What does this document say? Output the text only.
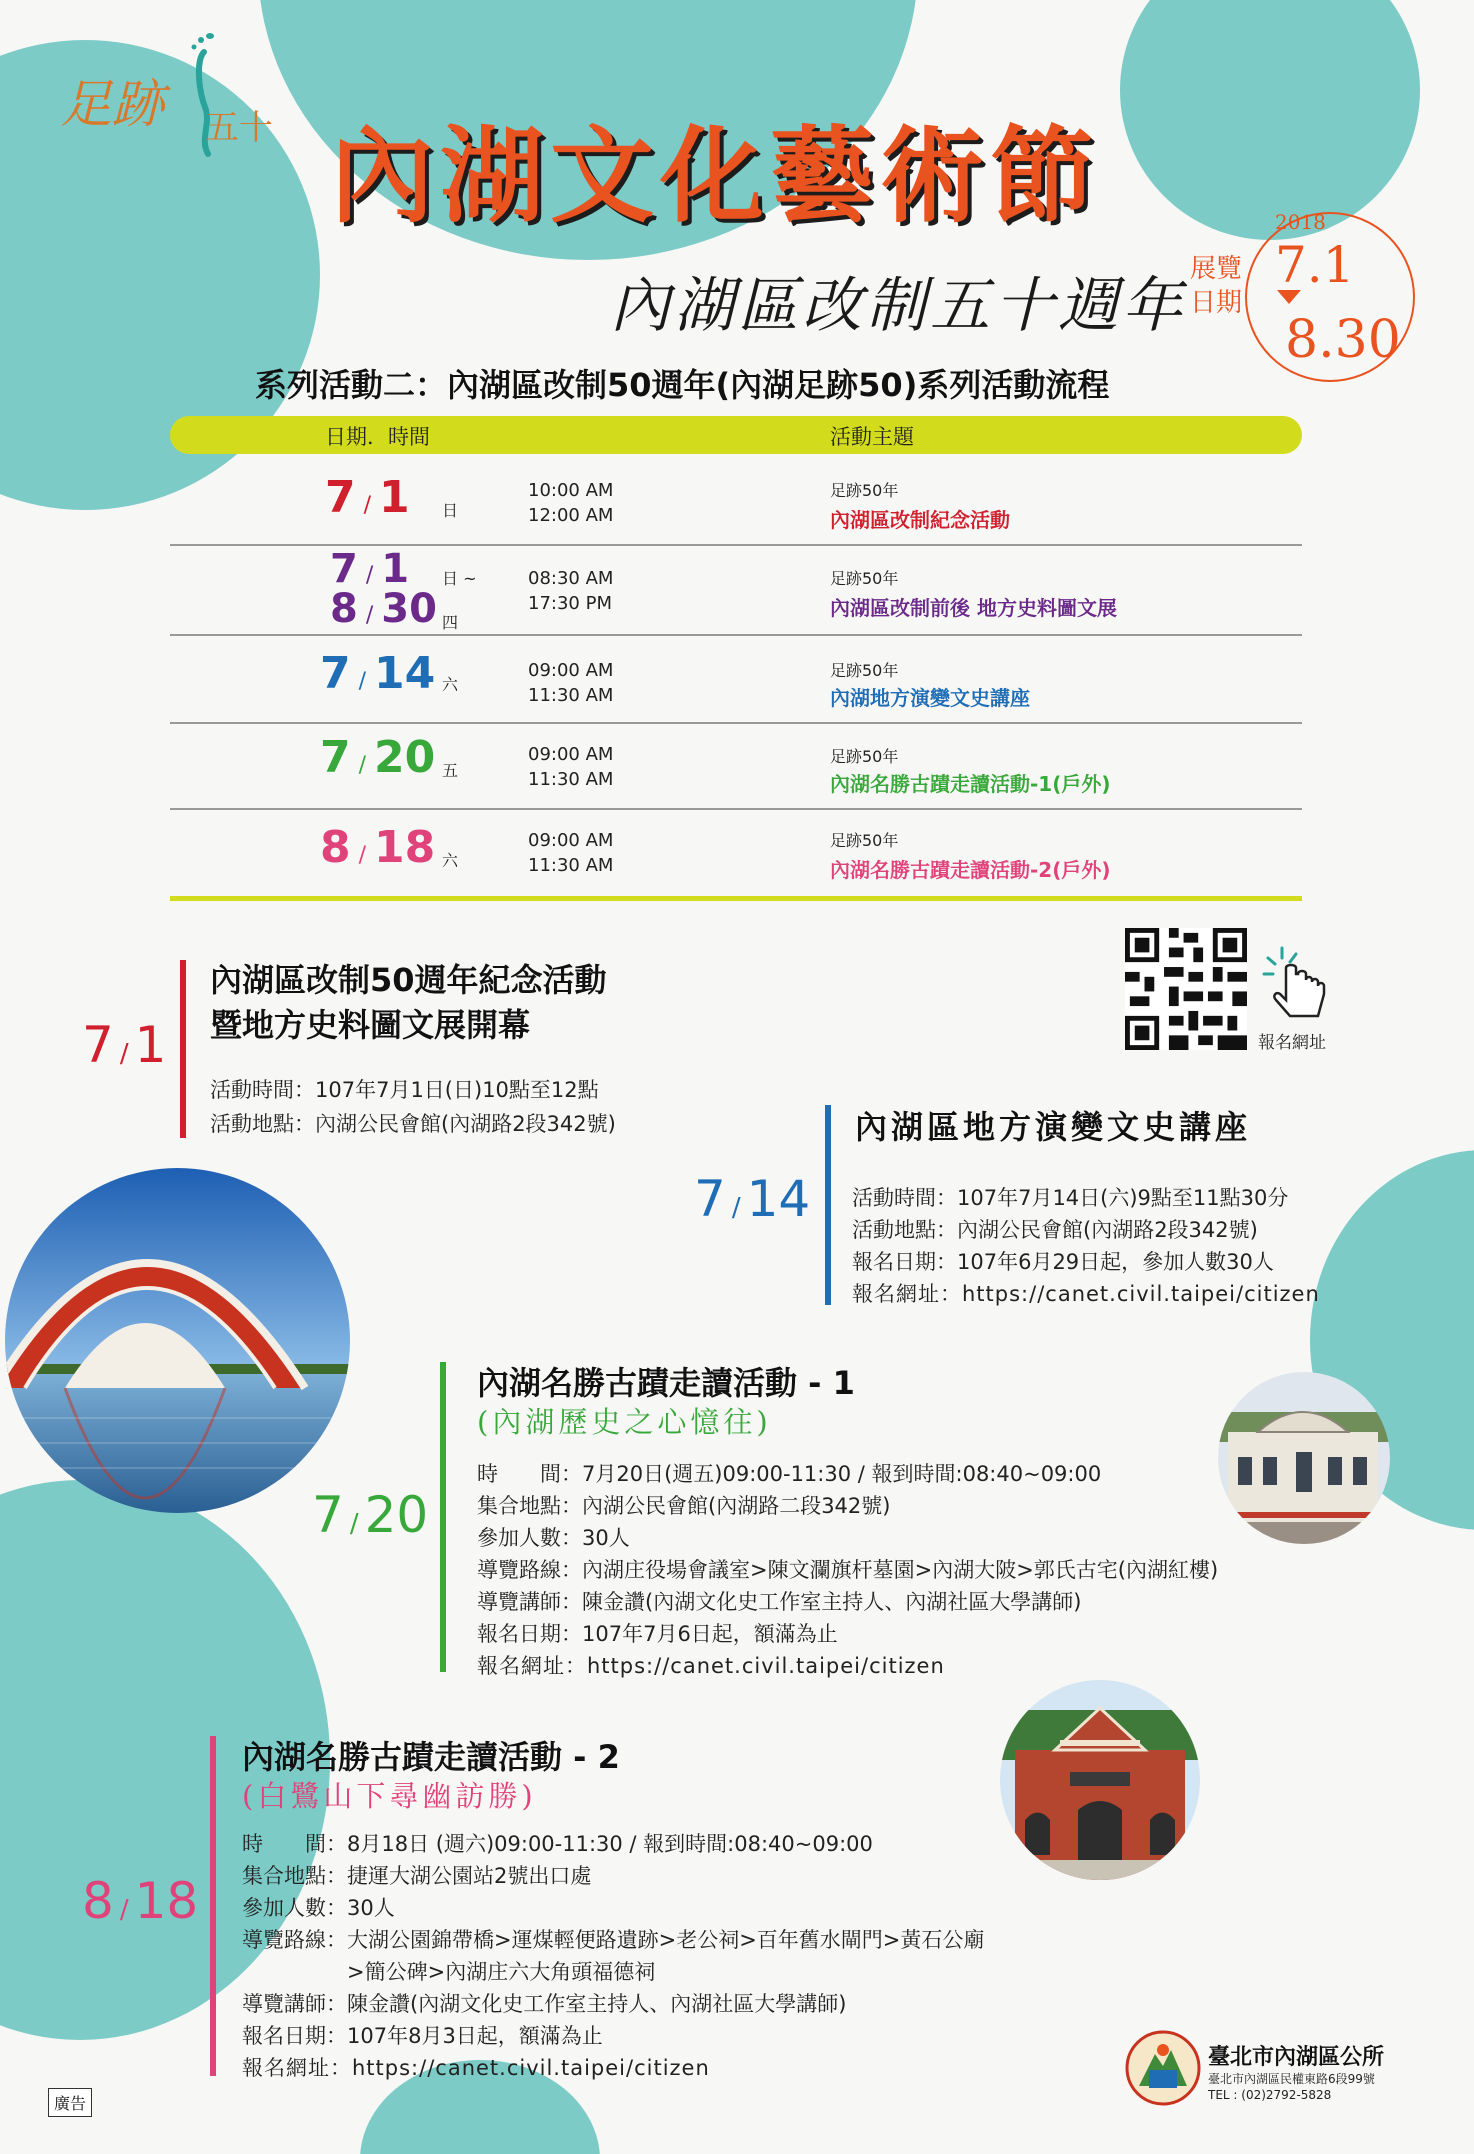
足跡 五十 內湖文化藝術節
內湖區改制五十週年
2018
展覽
日期
7.1
8.30
系列活動二：內湖區改制50週年(內湖足跡50)系列活動流程
日期．時間	活動主題
7 / 1 日
10:00 AM
12:00 AM
足跡50年
內湖區改制紀念活動
7 / 1 日 ~
8 / 30 四
08:30 AM
17:30 PM
足跡50年
內湖區改制前後 地方史料圖文展
7 / 14 六
09:00 AM
11:30 AM
足跡50年
內湖地方演變文史講座
7 / 20 五
09:00 AM
11:30 AM
足跡50年
內湖名勝古蹟走讀活動-1(戶外)
8 / 18 六
09:00 AM
11:30 AM
足跡50年
內湖名勝古蹟走讀活動-2(戶外)
報名網址
內湖區改制50週年紀念活動
暨地方史料圖文展開幕
7 / 1
活動時間：107年7月1日(日)10點至12點
活動地點：內湖公民會館(內湖路2段342號)	內湖區地方演變文史講座
7 / 14 活動時間：107年7月14日(六)9點至11點30分
活動地點：內湖公民會館(內湖路2段342號)
報名日期：107年6月29日起，參加人數30人
報名網址：https://canet.civil.taipei/citizen
內湖名勝古蹟走讀活動 - 1
(內湖歷史之心憶往)
7 / 20
時　　間：7月20日(週五)09:00-11:30 / 報到時間:08:40~09:00
集合地點：內湖公民會館(內湖路二段342號)
參加人數：30人
導覽路線：內湖庄役場會議室>陳文瀾旗杆墓園>內湖大陂>郭氏古宅(內湖紅樓)
導覽講師：陳金讚(內湖文化史工作室主持人、內湖社區大學講師)
報名日期：107年7月6日起，額滿為止
報名網址：https://canet.civil.taipei/citizen
內湖名勝古蹟走讀活動 - 2
(白鷺山下尋幽訪勝)
8 / 18
時　　間：8月18日 (週六)09:00-11:30 / 報到時間:08:40~09:00
集合地點：捷運大湖公園站2號出口處
參加人數：30人
導覽路線：大湖公園錦帶橋>運煤輕便路遺跡>老公祠>百年舊水閘門>黃石公廟
>簡公碑>內湖庄六大角頭福德祠
導覽講師：陳金讚(內湖文化史工作室主持人、內湖社區大學講師)
報名日期：107年8月3日起，額滿為止
報名網址：https://canet.civil.taipei/citizen
廣告
臺北市內湖區公所
臺北市內湖區民權東路6段99號
TEL : (02)2792-5828
